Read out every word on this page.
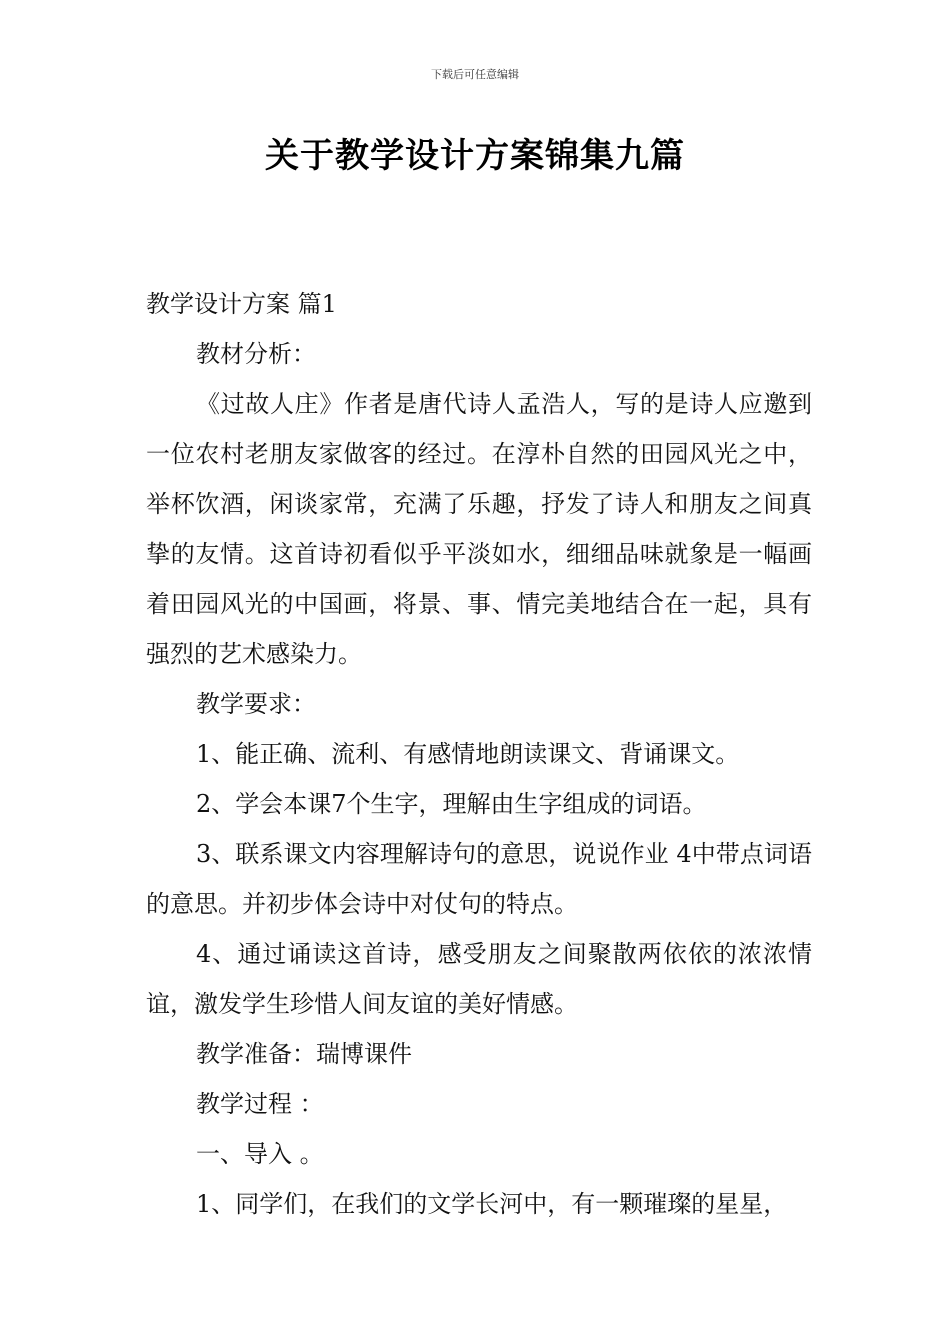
下载后可任意编辑
关于教学设计方案锦集九篇

教学设计方案 篇1

教材分析：

《过故人庄》作者是唐代诗人孟浩人，写的是诗人应邀到一位农村老朋友家做客的经过。在淳朴自然的田园风光之中，举杯饮酒，闲谈家常，充满了乐趣，抒发了诗人和朋友之间真挚的友情。这首诗初看似乎平淡如水，细细品味就象是一幅画着田园风光的中国画，将景、事、情完美地结合在一起，具有强烈的艺术感染力。

教学要求：

1、能正确、流利、有感情地朗读课文、背诵课文。

2、学会本课7个生字，理解由生字组成的词语。

3、联系课文内容理解诗句的意思，说说作业 4中带点词语的意思。并初步体会诗中对仗句的特点。

4、通过诵读这首诗，感受朋友之间聚散两依依的浓浓情谊，激发学生珍惜人间友谊的美好情感。

教学准备：瑞博课件

教学过程 ：

一、导入 。

1、同学们，在我们的文学长河中，有一颗璀璨的星星，
